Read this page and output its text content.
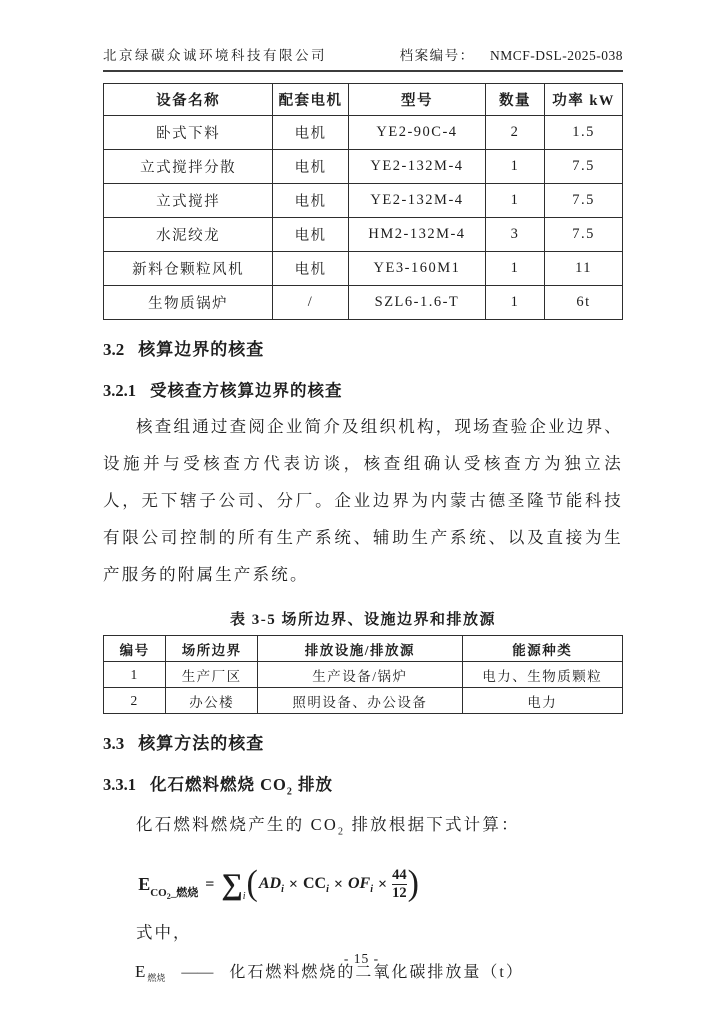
北京绿碳众诚环境科技有限公司	档案编号： NMCF-DSL-2025-038
设备名称	配套电机	型号	数量	功率 kW
卧式下料	电机	YE2-90C-4	2	1.5
立式搅拌分散	电机	YE2-132M-4	1	7.5
立式搅拌	电机	YE2-132M-4	1	7.5
水泥绞龙	电机	HM2-132M-4	3	7.5
新料仓颗粒风机	电机	YE3-160M1	1	11
生物质锅炉	/	SZL6-1.6-T	1	6t
3.2 核算边界的核查
3.2.1 受核查方核算边界的核查

核查组通过查阅企业简介及组织机构，现场查验企业边界、设施并与受核查方代表访谈，核查组确认受核查方为独立法人，无下辖子公司、分厂。企业边界为内蒙古德圣隆节能科技有限公司控制的所有生产系统、辅助生产系统、以及直接为生产服务的附属生产系统。

表 3-5 场所边界、设施边界和排放源
编号	场所边界	排放设施/排放源	能源种类
1	生产厂区	生产设备/锅炉	电力、生物质颗粒
2	办公楼	照明设备、办公设备	电力
3.3 核算方法的核查
3.3.1 化石燃料燃烧 $CO_2$ 排放

化石燃料燃烧产生的 $CO_2$ 排放根据下式计算：

ECO2_燃烧
= ∑ i ( $AD_i \times CC_i \times OF_i \times \frac{44}{12}$ )

式中，

$E_{燃烧}$ —— 化石燃料燃烧的二氧化碳排放量（t）

- 15 -
